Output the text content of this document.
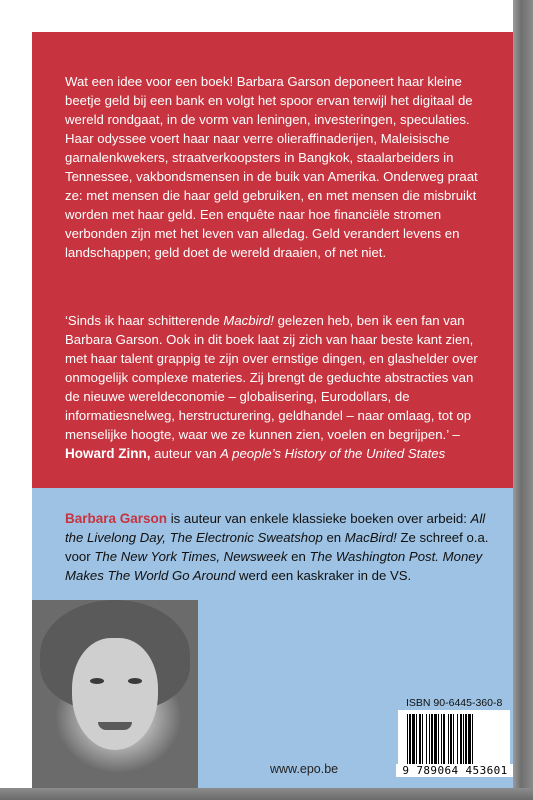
Wat een idee voor een boek! Barbara Garson deponeert haar kleine beetje geld bij een bank en volgt het spoor ervan terwijl het digitaal de wereld rondgaat, in de vorm van leningen, investeringen, speculaties. Haar odyssee voert haar naar verre olieraffinaderijen, Maleisische garnalenkwekers, straatverkoopsters in Bangkok, staalarbeiders in Tennessee, vakbondsmensen in de buik van Amerika. Onderweg praat ze: met mensen die haar geld gebruiken, en met mensen die misbruikt worden met haar geld. Een enquête naar hoe financiële stromen verbonden zijn met het leven van alledag. Geld verandert levens en landschappen; geld doet de wereld draaien, of net niet.

‘Sinds ik haar schitterende Macbird! gelezen heb, ben ik een fan van Barbara Garson. Ook in dit boek laat zij zich van haar beste kant zien, met haar talent grappig te zijn over ernstige dingen, en glashelder over onmogelijk complexe materies. Zij brengt de geduchte abstracties van de nieuwe wereldeconomie – globalisering, Eurodollars, de informatiesnelweg, herstructurering, geldhandel – naar omlaag, tot op menselijke hoogte, waar we ze kunnen zien, voelen en begrijpen.’ – Howard Zinn, auteur van A people’s History of the United States

Barbara Garson is auteur van enkele klassieke boeken over arbeid: All the Livelong Day, The Electronic Sweatshop en MacBird! Ze schreef o.a. voor The New York Times, Newsweek en The Washington Post. Money Makes The World Go Around werd een kaskraker in de VS.

www.epo.be
ISBN 90-6445-360-8
9 789064 453601
